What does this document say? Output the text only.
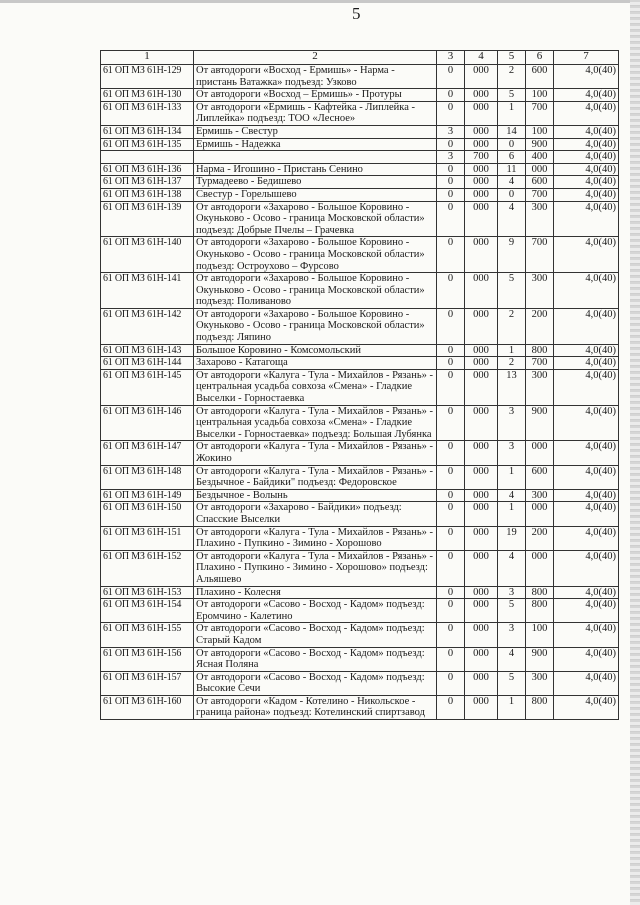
5
1	2	3	4	5	6	7
61 ОП МЗ 61Н-129	От автодороги «Восход - Ермишь» - Нарма - пристань Ватажка» подъезд: Узково	0	000	2	600	4,0(40)
61 ОП МЗ 61Н-130	От автодороги «Восход – Ермишь» - Протуры	0	000	5	100	4,0(40)
61 ОП МЗ 61Н-133	От автодороги «Ермишь - Кафтейка - Липлейка - Липлейка» подъезд: ТОО «Лесное»	0	000	1	700	4,0(40)
61 ОП МЗ 61Н-134	Ермишь - Свестур	3	000	14	100	4,0(40)
61 ОП МЗ 61Н-135	Ермишь - Надежка	0	000	0	900	4,0(40)
		3	700	6	400	4,0(40)
61 ОП МЗ 61Н-136	Нарма - Игошино - Пристань Сенино	0	000	11	000	4,0(40)
61 ОП МЗ 61Н-137	Турмадеево - Бедишево	0	000	4	600	4,0(40)
61 ОП МЗ 61Н-138	Свестур - Горелышево	0	000	0	700	4,0(40)
61 ОП МЗ 61Н-139	От автодороги «Захарово - Большое Коровино - Окуньково - Осово - граница Московской области» подъезд: Добрые Пчелы – Грачевка	0	000	4	300	4,0(40)
61 ОП МЗ 61Н-140	От автодороги «Захарово - Большое Коровино - Окуньково - Осово - граница Московской области» подъезд: Остроухово – Фурсово	0	000	9	700	4,0(40)
61 ОП МЗ 61Н-141	От автодороги «Захарово - Большое Коровино - Окуньково - Осово - граница Московской области» подъезд: Поливаново	0	000	5	300	4,0(40)
61 ОП МЗ 61Н-142	От автодороги «Захарово - Большое Коровино - Окуньково - Осово - граница Московской области» подъезд: Ляпино	0	000	2	200	4,0(40)
61 ОП МЗ 61Н-143	Большое Коровино - Комсомольский	0	000	1	800	4,0(40)
61 ОП МЗ 61Н-144	Захарово - Катагоща	0	000	2	700	4,0(40)
61 ОП МЗ 61Н-145	От автодороги «Калуга - Тула - Михайлов - Рязань» - центральная усадьба совхоза «Смена» - Гладкие Выселки - Горностаевка	0	000	13	300	4,0(40)
61 ОП МЗ 61Н-146	От автодороги «Калуга - Тула - Михайлов - Рязань» - центральная усадьба совхоза «Смена» - Гладкие Выселки - Горностаевка» подъезд: Большая Лубянка	0	000	3	900	4,0(40)
61 ОП МЗ 61Н-147	От автодороги «Калуга - Тула - Михайлов - Рязань» - Жокино	0	000	3	000	4,0(40)
61 ОП МЗ 61Н-148	От автодороги «Калуга - Тула - Михайлов - Рязань» - Бездычное - Байдики" подъезд: Федоровское	0	000	1	600	4,0(40)
61 ОП МЗ 61Н-149	Бездычное - Волынь	0	000	4	300	4,0(40)
61 ОП МЗ 61Н-150	От автодороги «Захарово - Байдики» подъезд: Спасские Выселки	0	000	1	000	4,0(40)
61 ОП МЗ 61Н-151	От автодороги «Калуга - Тула - Михайлов - Рязань» - Плахино - Пупкино - Зимино - Хорошово	0	000	19	200	4,0(40)
61 ОП МЗ 61Н-152	От автодороги «Калуга - Тула - Михайлов - Рязань» - Плахино - Пупкино - Зимино - Хорошово» подъезд: Альяшево	0	000	4	000	4,0(40)
61 ОП МЗ 61Н-153	Плахино - Колесня	0	000	3	800	4,0(40)
61 ОП МЗ 61Н-154	От автодороги «Сасово - Восход - Кадом» подъезд: Еромчино - Калетино	0	000	5	800	4,0(40)
61 ОП МЗ 61Н-155	От автодороги «Сасово - Восход - Кадом» подъезд: Старый Кадом	0	000	3	100	4,0(40)
61 ОП МЗ 61Н-156	От автодороги «Сасово - Восход - Кадом» подъезд: Ясная Поляна	0	000	4	900	4,0(40)
61 ОП МЗ 61Н-157	От автодороги «Сасово - Восход - Кадом» подъезд: Высокие Сечи	0	000	5	300	4,0(40)
61 ОП МЗ 61Н-160	От автодороги «Кадом - Котелино - Никольское - граница района» подъезд: Котелинский спиртзавод	0	000	1	800	4,0(40)
